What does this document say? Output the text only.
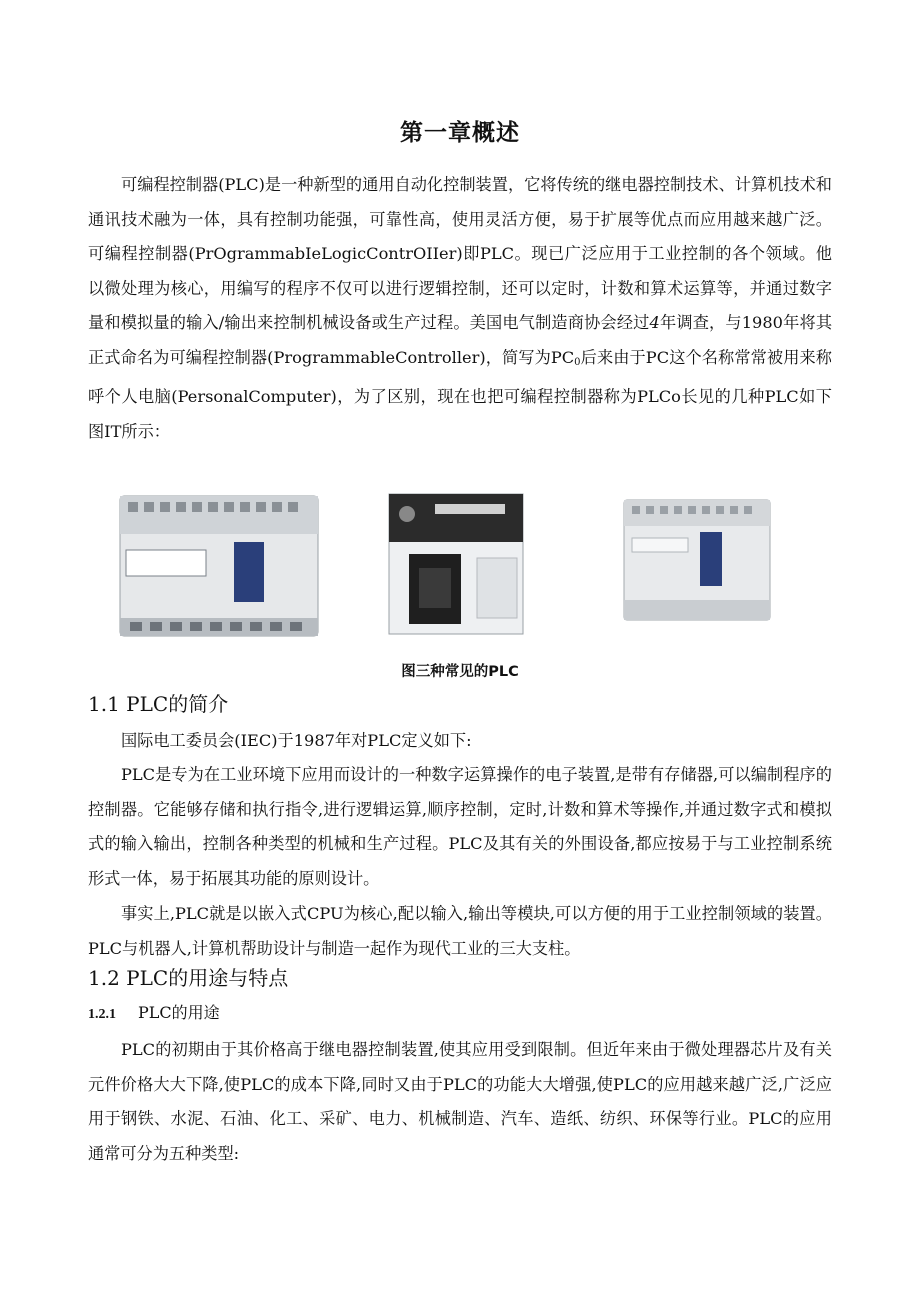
第一章概述

可编程控制器(PLC)是一种新型的通用自动化控制装置，它将传统的继电器控制技术、计算机技术和通讯技术融为一体，具有控制功能强，可靠性高，使用灵活方便，易于扩展等优点而应用越来越广泛。可编程控制器(PrOgrammabIeLogicContrOIIer)即PLC。现已广泛应用于工业控制的各个领域。他以微处理为核心，用编写的程序不仅可以进行逻辑控制，还可以定时，计数和算术运算等，并通过数字量和模拟量的输入/输出来控制机械设备或生产过程。美国电气制造商协会经过4年调查，与1980年将其正式命名为可编程控制器(ProgrammableController)，简写为$PC_0$后来由于PC这个名称常常被用来称呼个人电脑(PersonalComputer)，为了区别，现在也把可编程控制器称为PLCo长见的几种PLC如下图IT所示：

图三种常见的PLC
1.1 PLC的简介

国际电工委员会(IEC)于1987年对PLC定义如下:

PLC是专为在工业环境下应用而设计的一种数字运算操作的电子装置,是带有存储器,可以编制程序的控制器。它能够存储和执行指令,进行逻辑运算,顺序控制，定时,计数和算术等操作,并通过数字式和模拟式的输入输出，控制各种类型的机械和生产过程。PLC及其有关的外围设备,都应按易于与工业控制系统形式一体，易于拓展其功能的原则设计。

事实上,PLC就是以嵌入式CPU为核心,配以输入,输出等模块,可以方便的用于工业控制领域的装置。PLC与机器人,计算机帮助设计与制造一起作为现代工业的三大支柱。

1.2 PLC的用途与特点
1.2.1 PLC的用途

PLC的初期由于其价格高于继电器控制装置,使其应用受到限制。但近年来由于微处理器芯片及有关元件价格大大下降,使PLC的成本下降,同时又由于PLC的功能大大增强,使PLC的应用越来越广泛,广泛应用于钢铁、水泥、石油、化工、采矿、电力、机械制造、汽车、造纸、纺织、环保等行业。PLC的应用通常可分为五种类型:
